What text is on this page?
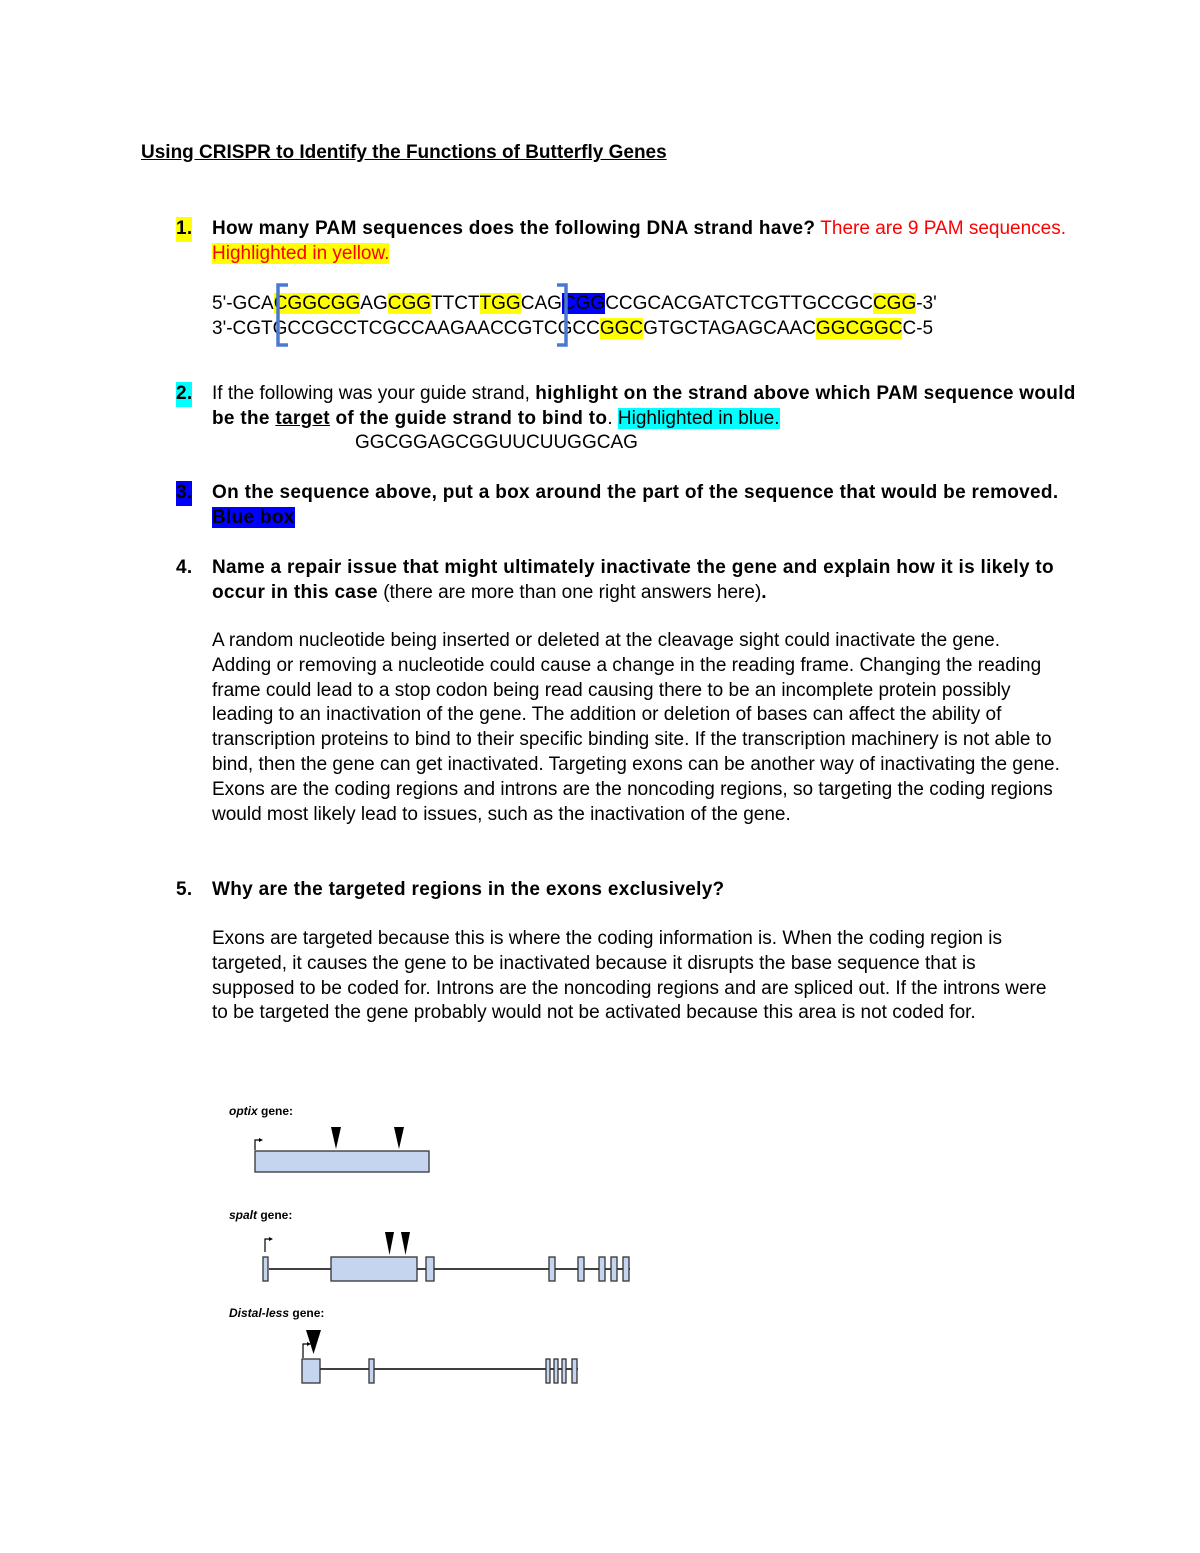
Using CRISPR to Identify the Functions of Butterfly Genes
1. How many PAM sequences does the following DNA strand have? There are 9 PAM sequences. Highlighted in yellow.
5'-GCACGGCGGAGCGGTTCTTGGCAGCGGCCGCACGATCTCGTTGCCGCCGG-3'
3'-CGTGCCGCCTCGCCAAGAACCGTCGCCGGCGTGCTAGAGCAACGGCGGCC-5
2. If the following was your guide strand, highlight on the strand above which PAM sequence would be the target of the guide strand to bind to. Highlighted in blue.
GGCGGAGCGGUUCUUGGCAG
3. On the sequence above, put a box around the part of the sequence that would be removed. Blue box
4. Name a repair issue that might ultimately inactivate the gene and explain how it is likely to occur in this case (there are more than one right answers here).
A random nucleotide being inserted or deleted at the cleavage sight could inactivate the gene. Adding or removing a nucleotide could cause a change in the reading frame. Changing the reading frame could lead to a stop codon being read causing there to be an incomplete protein possibly leading to an inactivation of the gene. The addition or deletion of bases can affect the ability of transcription proteins to bind to their specific binding site. If the transcription machinery is not able to bind, then the gene can get inactivated. Targeting exons can be another way of inactivating the gene. Exons are the coding regions and introns are the noncoding regions, so targeting the coding regions would most likely lead to issues, such as the inactivation of the gene.
5. Why are the targeted regions in the exons exclusively?
Exons are targeted because this is where the coding information is. When the coding region is targeted, it causes the gene to be inactivated because it disrupts the base sequence that is supposed to be coded for. Introns are the noncoding regions and are spliced out. If the introns were to be targeted the gene probably would not be activated because this area is not coded for.
optix gene:
spalt gene:
Distal-less gene:
